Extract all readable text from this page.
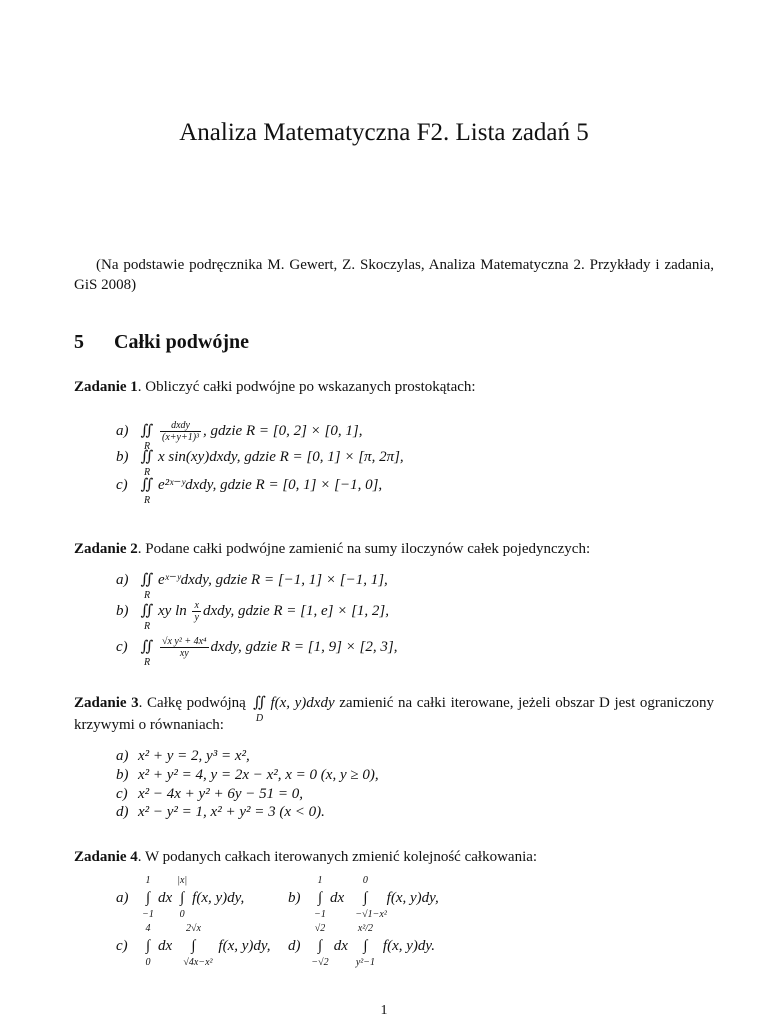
Analiza Matematyczna F2. Lista zadań 5
(Na podstawie podręcznika M. Gewert, Z. Skoczylas, Analiza Matematyczna 2. Przykłady i zadania, GiS 2008)
5 Całki podwójne
Zadanie 1. Obliczyć całki podwójne po wskazanych prostokątach:
a) ∬
R
$\frac{\text{dxdy}}{\text{(x+y+1)³}}$ , gdzie R = [0, 2] × [0, 1],
b) ∬
R
x sin(xy)dxdy, gdzie R = [0, 1] × [π, 2π],
c) ∬
R
e²ˣ⁻ʸdxdy, gdzie R = [0, 1] × [−1, 0],
Zadanie 2. Podane całki podwójne zamienić na sumy iloczynów całek pojedynczych:
a) ∬
R
eˣ⁻ʸdxdy, gdzie R = [−1, 1] × [−1, 1],
b) ∬
R
xy $\ln \frac{x}{y}$ dxdy, gdzie R = [1, e] × [1, 2],
c) ∬
R
$\frac{\text{√x y² + 4x⁴}}{xy}$ dxdy, gdzie R = [1, 9] × [2, 3],
Zadanie 3. Całkę podwójną ∬
D
f(x, y)dxdy zamienić na całki iterowane, jeżeli obszar D jest ograniczony krzywymi o równaniach:
a) x² + y = 2, y³ = x²,
b) x² + y² = 4, y = 2x − x², x = 0 (x, y ≥ 0),
c) x² − 4x + y² + 6y − 51 = 0,
d) x² − y² = 1, x² + y² = 3 (x < 0).
Zadanie 4. W podanych całkach iterowanych zmienić kolejność całkowania:
a) ∫
1
−1
dx ∫
|x|
0
f(x, y)dy,	b) ∫
1
−1
dx ∫
0
−√1−x²
f(x, y)dy,
c) ∫
4
0
dx ∫
2√x
√4x−x²
f(x, y)dy, d) ∫
√2
−√2
dx ∫
x²/2
y²−1
f(x, y)dy.
1
